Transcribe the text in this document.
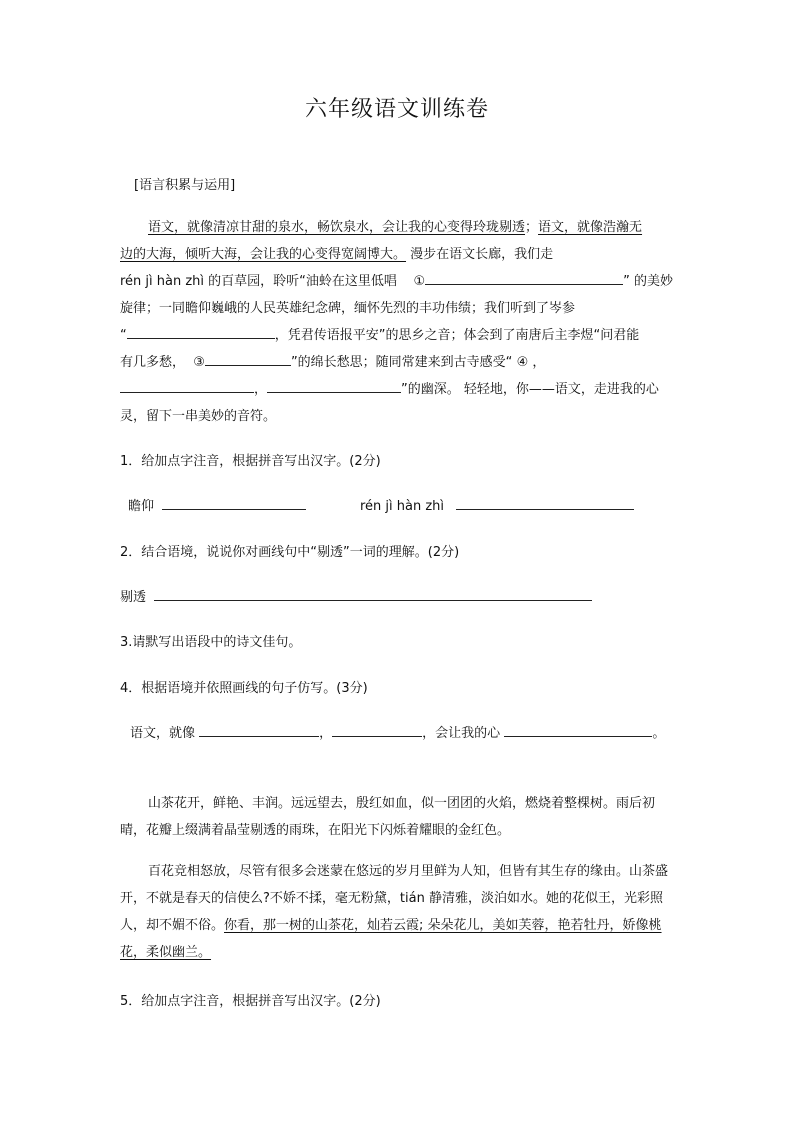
六年级语文训练卷
[语言积累与运用]
语文，就像清凉甘甜的泉水，畅饮泉水，会让我的心变得玲珑剔透；语文，就像浩瀚无
边的大海，倾听大海，会让我的心变得宽阔博大。 漫步在语文长廊，我们走
rén jì hàn zhì 的百草园，聆听“油蛉在这里低唱 ①	” 的美妙
旋律；一同瞻仰巍峨的人民英雄纪念碑，缅怀先烈的丰功伟绩；我们听到了岑参
“	，凭君传语报平安”的思乡之音；体会到了南唐后主李煜“问君能
有几多愁， ③	”的绵长愁思；随同常建来到古寺感受“ ④ ，
，	”的幽深。 轻轻地，你——语文，走进我的心
灵，留下一串美妙的音符。
1．给加点字注音，根据拼音写出汉字。(2分)
瞻仰	rén jì hàn zhì
2．结合语境，说说你对画线句中“剔透”一词的理解。(2分)
剔透
3.请默写出语段中的诗文佳句。
4．根据语境并依照画线的句子仿写。(3分)
语文，就像	，	，会让我的心	。
山茶花开，鲜艳、丰润。远远望去，殷红如血，似一团团的火焰，燃烧着整棵树。雨后初晴，花瓣上缀满着晶莹剔透的雨珠，在阳光下闪烁着耀眼的金红色。
百花竞相怒放，尽管有很多会迷蒙在悠远的岁月里鲜为人知，但皆有其生存的缘由。山茶盛开，不就是春天的信使么?不娇不揉，毫无粉黛，tián 静清雅，淡泊如水。她的花似王，光彩照人，却不媚不俗。你看，那一树的山茶花，灿若云霞; 朵朵花儿，美如芙蓉，艳若牡丹，娇像桃花，柔似幽兰。
5．给加点字注音，根据拼音写出汉字。(2分)
